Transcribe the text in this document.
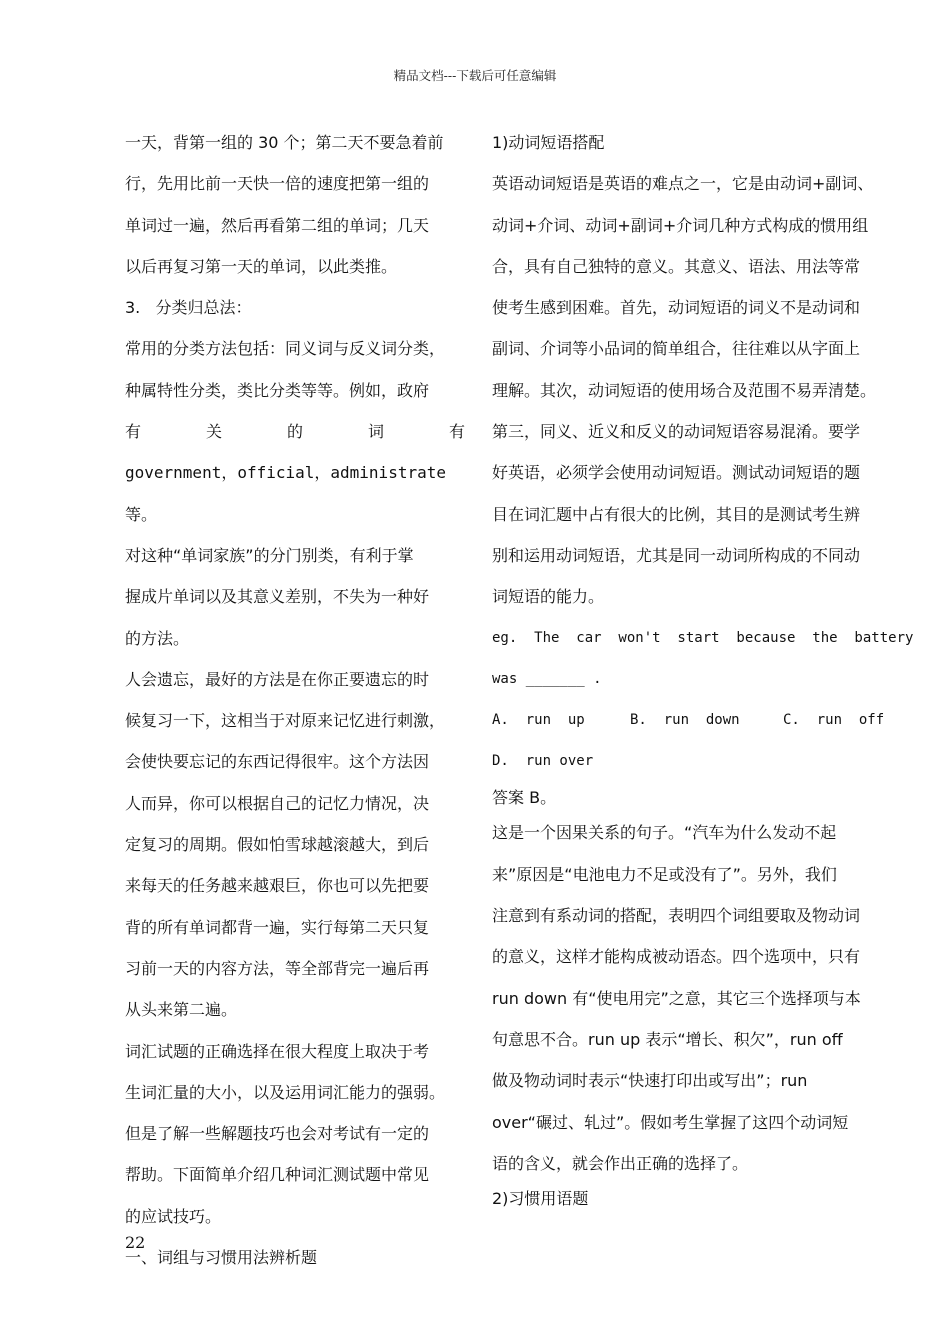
精品文档---下载后可任意编辑

一天，背第一组的 30 个；第二天不要急着前

行，先用比前一天快一倍的速度把第一组的

单词过一遍，然后再看第二组的单词；几天

以后再复习第一天的单词，以此类推。

3.   分类归总法：

常用的分类方法包括：同义词与反义词分类，

种属特性分类，类比分类等等。例如，政府

有	关	的	词	有

government，official，administrate 等。

对这种“单词家族”的分门别类，有利于掌

握成片单词以及其意义差别，不失为一种好

的方法。

人会遗忘，最好的方法是在你正要遗忘的时

候复习一下，这相当于对原来记忆进行刺激，

会使快要忘记的东西记得很牢。这个方法因

人而异，你可以根据自己的记忆力情况，决

定复习的周期。假如怕雪球越滚越大，到后

来每天的任务越来越艰巨，你也可以先把要

背的所有单词都背一遍，实行每第二天只复

习前一天的内容方法，等全部背完一遍后再

从头来第二遍。

词汇试题的正确选择在很大程度上取决于考

生词汇量的大小，以及运用词汇能力的强弱。

但是了解一些解题技巧也会对考试有一定的

帮助。下面简单介绍几种词汇测试题中常见

的应试技巧。

一、词组与习惯用法辨析题

1)动词短语搭配

英语动词短语是英语的难点之一，它是由动词+副词、

动词+介词、动词+副词+介词几种方式构成的惯用组

合，具有自己独特的意义。其意义、语法、用法等常

使考生感到困难。首先，动词短语的词义不是动词和

副词、介词等小品词的简单组合，往往难以从字面上

理解。其次，动词短语的使用场合及范围不易弄清楚。

第三，同义、近义和反义的动词短语容易混淆。要学

好英语，必须学会使用动词短语。测试动词短语的题

目在词汇题中占有很大的比例，其目的是测试考生辨

别和运用动词短语，尤其是同一动词所构成的不同动

词短语的能力。

eg.  The  car  won't  start  because  the  battery

was _______ .

A.  run  up	B.  run  down	C.  run  off

D.  run over

答案 B。

这是一个因果关系的句子。“汽车为什么发动不起

来”原因是“电池电力不足或没有了”。另外，我们

注意到有系动词的搭配，表明四个词组要取及物动词

的意义，这样才能构成被动语态。四个选项中，只有

run down 有“使电用完”之意，其它三个选择项与本

句意思不合。run up 表示“增长、积欠”，run off

做及物动词时表示“快速打印出或写出”；run

over“碾过、轧过”。假如考生掌握了这四个动词短

语的含义，就会作出正确的选择了。

2)习惯用语题

22
